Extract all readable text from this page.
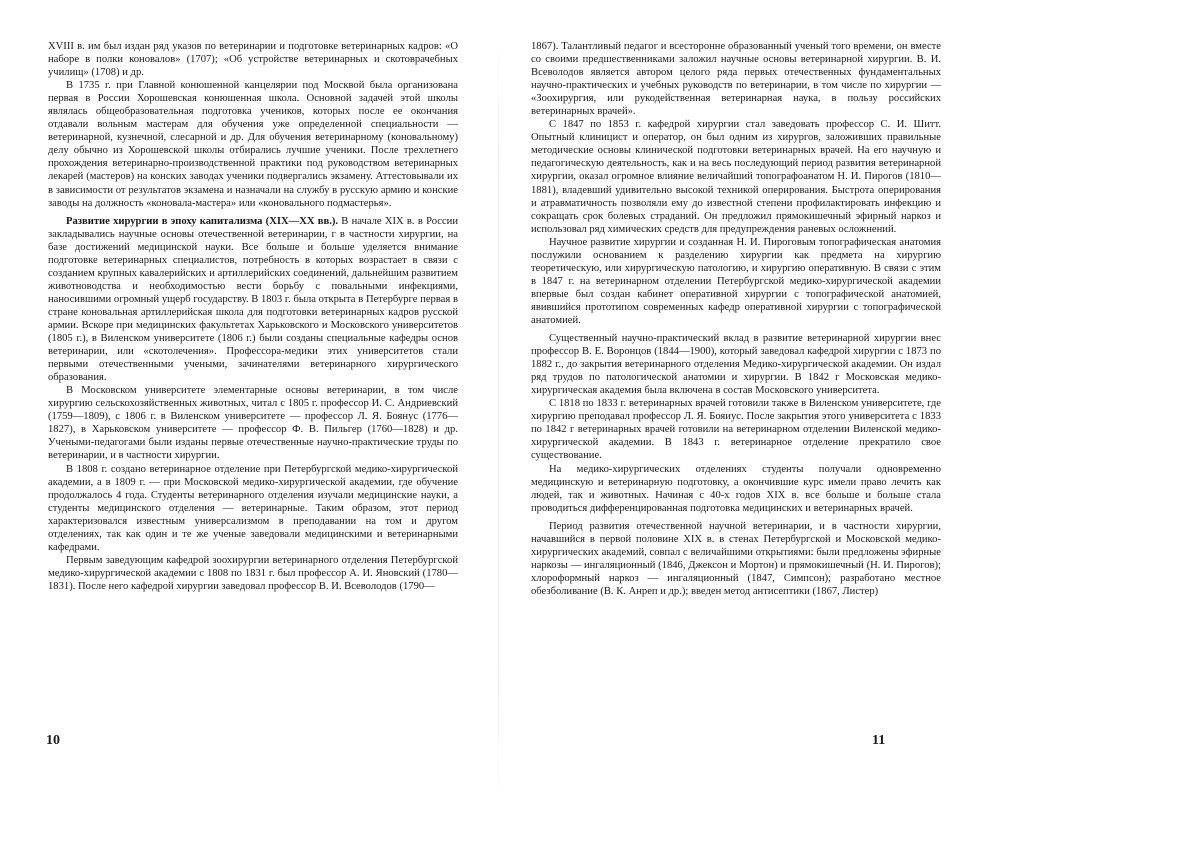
XVIII в. им был издан ряд указов по ветеринарии и подготовке ветеринарных кадров: «О наборе в полки коновалов» (1707); «Об устройстве ветеринарных и скотоврачебных училищ» (1708) и др.

В 1735 г. при Главной конюшенной канцелярии под Москвой была организована первая в России Хорошевская конюшенная школа. Основной задачей этой школы являлась общеобразовательная подготовка учеников, которых после ее окончания отдавали вольным мастерам для обучения уже определенной специальности — ветеринарной, кузнечной, слесарной и др. Для обучения ветеринарному (коновальному) делу обычно из Хорошевской школы отбирались лучшие ученики. После трехлетнего прохождения ветеринарно-производственной практики под руководством ветеринарных лекарей (мастеров) на конских заводах ученики подвергались экзамену. Аттестовывали их в зависимости от результатов экзамена и назначали на службу в русскую армию и конские заводы на должность «коновала-мастера» или «коновального подмастерья».

Развитие хирургии в эпоху капитализма (XIX—XX вв.). В начале XIX в. в России закладывались научные основы отечественной ветеринарии, г в частности хирургии, на базе достижений медицинской науки. Все больше и больше уделяется внимание подготовке ветеринарных специалистов, потребность в которых возрастает в связи с созданием крупных кавалерийских и артиллерийских соединений, дальнейшим развитием животноводства и необходимостью вести борьбу с повальными инфекциями, наносившими огромный ущерб государству. В 1803 г. была открыта в Петербурге первая в стране коновальная артиллерийская школа для подготовки ветеринарных кадров русской армии. Вскоре при медицинских факультетах Харьковского и Московского университетов (1805 г.), в Виленском университете (1806 г.) были созданы специальные кафедры основ ветеринарии, или «скотолечения». Профессора-медики этих университетов стали первыми отечественными учеными, зачинателями ветеринарного хирургического образования.

В Московском университете элементарные основы ветеринарии, в том числе хирургию сельскохозяйственных животных, читал с 1805 г. профессор И. С. Андриевский (1759—1809), с 1806 г. в Виленском университете — профессор Л. Я. Боянус (1776—1827), в Харьковском университете — профессор Ф. В. Пильгер (1760—1828) и др. Учеными-педагогами были изданы первые отечественные научно-практические труды по ветеринарии, и в частности хирургии.

В 1808 г. создано ветеринарное отделение при Петербургской медико-хирургической академии, а в 1809 г. — при Московской медико-хирургической академии, где обучение продолжалось 4 года. Студенты ветеринарного отделения изучали медицинские науки, а студенты медицинского отделения — ветеринарные. Таким образом, этот период характеризовался известным универсализмом в преподавании на том и другом отделениях, так как один и те же ученые заведовали медицинскими и ветеринарными кафедрами.

Первым заведующим кафедрой зоохирургии ветеринарного отделения Петербургской медико-хирургической академии с 1808 по 1831 г. был профессор А. И. Яновский (1780—1831). После него кафедрой хирургии заведовал профессор В. И. Всеволодов (1790—

10

1867). Талантливый педагог и всесторонне образованный ученый того времени, он вместе со своими предшественниками заложил научные основы ветеринарной хирургии. В. И. Всеволодов является автором целого ряда первых отечественных фундаментальных научно-практических и учебных руководств по ветеринарии, в том числе по хирургии — «Зоохирургия, или рукодейственная ветеринарная наука, в пользу российских ветеринарных врачей».

С 1847 по 1853 г. кафедрой хирургии стал заведовать профессор С. И. Шитт. Опытный клиницист и оператор, он был одним из хирургов, заложивших правильные методические основы клинической подготовки ветеринарных врачей. На его научную и педагогическую деятельность, как и на весь последующий период развития ветеринарной хирургии, оказал огромное влияние величайший топографоанатом Н. И. Пирогов (1810—1881), владевший удивительно высокой техникой оперирования. Быстрота оперирования и атравматичность позволяли ему до известной степени профилактировать инфекцию и сокращать срок болевых страданий. Он предложил прямокишечный эфирный наркоз и использовал ряд химических средств для предупреждения раневых осложнений.

Научное развитие хирургии и созданная Н. И. Пироговым топографическая анатомия послужили основанием к разделению хирургии как предмета на хирургию теоретическую, или хирургическую патологию, и хирургию оперативную. В связи с этим в 1847 г. на ветеринарном отделении Петербургской медико-хирургической академии впервые был создан кабинет оперативной хирургии с топографической анатомией, явившийся прототипом современных кафедр оперативной хирургии с топографической анатомией.

Существенный научно-практический вклад в развитие ветеринарной хирургии внес профессор В. Е. Воронцов (1844—1900), который заведовал кафедрой хирургии с 1873 по 1882 г., до закрытия ветеринарного отделения Медико-хирургической академии. Он издал ряд трудов по патологической анатомии и хирургии. В 1842 г Московская медико-хирургическая академия была включена в состав Московского университета.

С 1818 по 1833 г. ветеринарных врачей готовили также в Виленском университете, где хирургию преподавал профессор Л. Я. Бояиус. После закрытия этого университета с 1833 по 1842 г ветеринарных врачей готовили на ветеринарном отделении Виленской медико-хирургической академии. В 1843 г. ветеринарное отделение прекратило свое существование.

На медико-хирургических отделениях студенты получали одновременно медицинскую и ветеринарную подготовку, а окончившие курс имели право лечить как людей, так и животных. Начиная с 40-х годов XIX в. все больше и больше стала проводиться дифференцированная подготовка медицинских и ветеринарных врачей.

Период развития отечественной научной ветеринарии, и в частности хирургии, начавшийся в первой половине XIX в. в стенах Петербургской и Московской медико-хирургических академий, совпал с величайшими открытиями: были предложены эфирные наркозы — ингаляционный (1846, Джексон и Мортон) и прямокишечный (Н. И. Пирогов); хлороформный наркоз — ингаляционный (1847, Симпсон); разработано местное обезболивание (В. К. Анреп и др.); введен метод антисептики (1867, Листер)

11
